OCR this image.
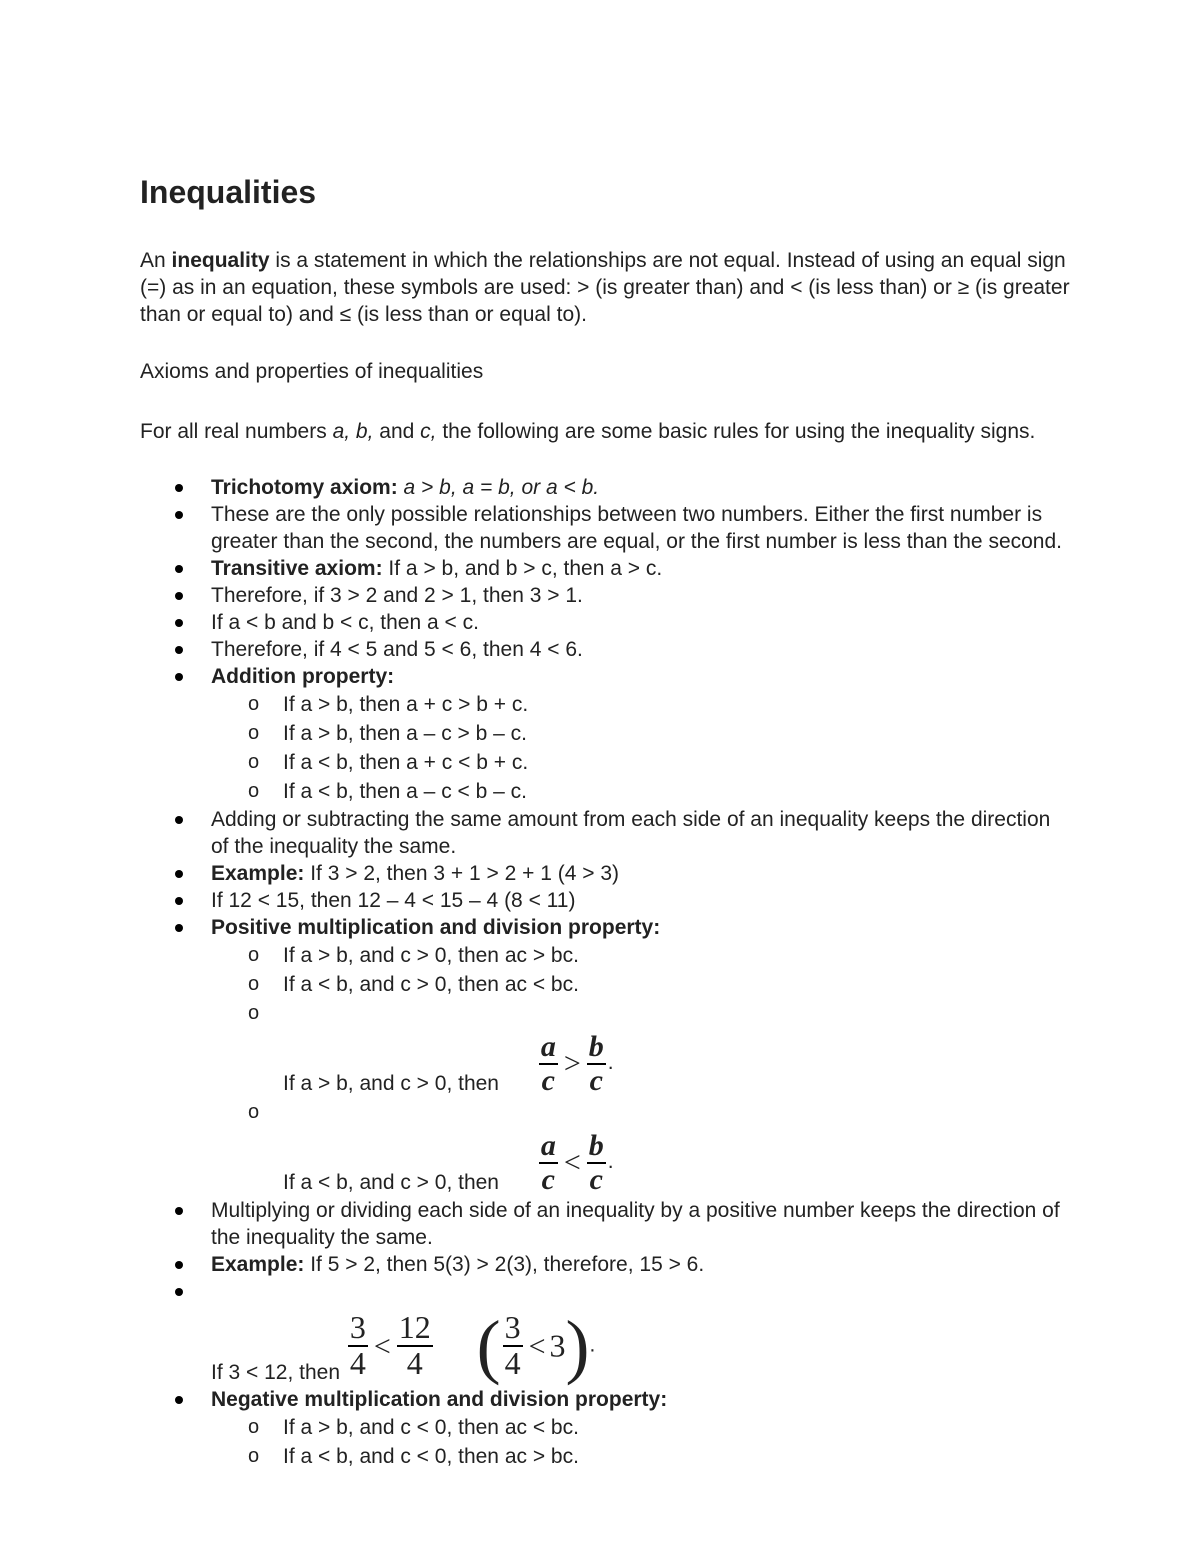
Inequalities

An inequality is a statement in which the relationships are not equal. Instead of using an equal sign (=) as in an equation, these symbols are used: > (is greater than) and < (is less than) or ≥ (is greater than or equal to) and ≤ (is less than or equal to).

Axioms and properties of inequalities

For all real numbers a, b, and c, the following are some basic rules for using the inequality signs.

Trichotomy axiom: a > b, a = b, or a < b.
These are the only possible relationships between two numbers. Either the first number is greater than the second, the numbers are equal, or the first number is less than the second.
Transitive axiom: If a > b, and b > c, then a > c.
Therefore, if 3 > 2 and 2 > 1, then 3 > 1.
If a < b and b < c, then a < c.
Therefore, if 4 < 5 and 5 < 6, then 4 < 6.
Addition property:
o If a > b, then a + c > b + c.
o If a > b, then a – c > b – c.
o If a < b, then a + c < b + c.
o If a < b, then a – c < b – c.
Adding or subtracting the same amount from each side of an inequality keeps the direction of the inequality the same.
Example: If 3 > 2, then 3 + 1 > 2 + 1 (4 > 3)
If 12 < 15, then 12 – 4 < 15 – 4 (8 < 11)
Positive multiplication and division property:
o If a > b, and c > 0, then ac > bc.
o If a < b, and c > 0, then ac < bc.
o If a > b, and c > 0, then $\frac{a}{c} > \frac{b}{c}$ .
o If a < b, and c > 0, then $\frac{a}{c} < \frac{b}{c}$ .
Multiplying or dividing each side of an inequality by a positive number keeps the direction of the inequality the same.
Example: If 5 > 2, then 5(3) > 2(3), therefore, 15 > 6.
If 3 < 12, then $\frac{3}{4} < \frac{12}{4}$ ( $\frac{3}{4} < 3$).
Negative multiplication and division property:
o If a > b, and c < 0, then ac < bc.
o If a < b, and c < 0, then ac > bc.
